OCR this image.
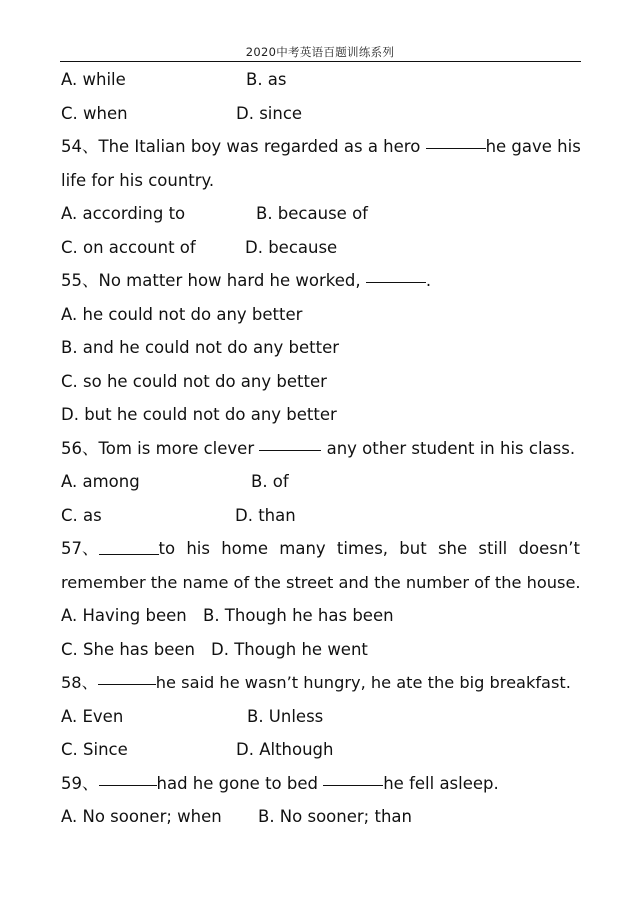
2020中考英语百题训练系列
A. while	B. as
C. when	D. since
54、The Italian boy was regarded as a hero	he gave his
life for his country.
A. according to	B. because of
C. on account of	D. because
55、No matter how hard he worked,	.
A. he could not do any better
B. and he could not do any better
C. so he could not do any better
D. but he could not do any better
56、Tom is more clever	any other student in his class.
A. among	B. of
C. as	D. than
57、	to his home many times, but she still doesn’t
remember the name of the street and the number of the house.
A. Having been B. Though he has been
C. She has been D. Though he went
58、	he said he wasn’t hungry, he ate the big breakfast.
A. Even	B. Unless
C. Since	D. Although
59、	had he gone to bed	he fell asleep.
A. No sooner; when B. No sooner; than
